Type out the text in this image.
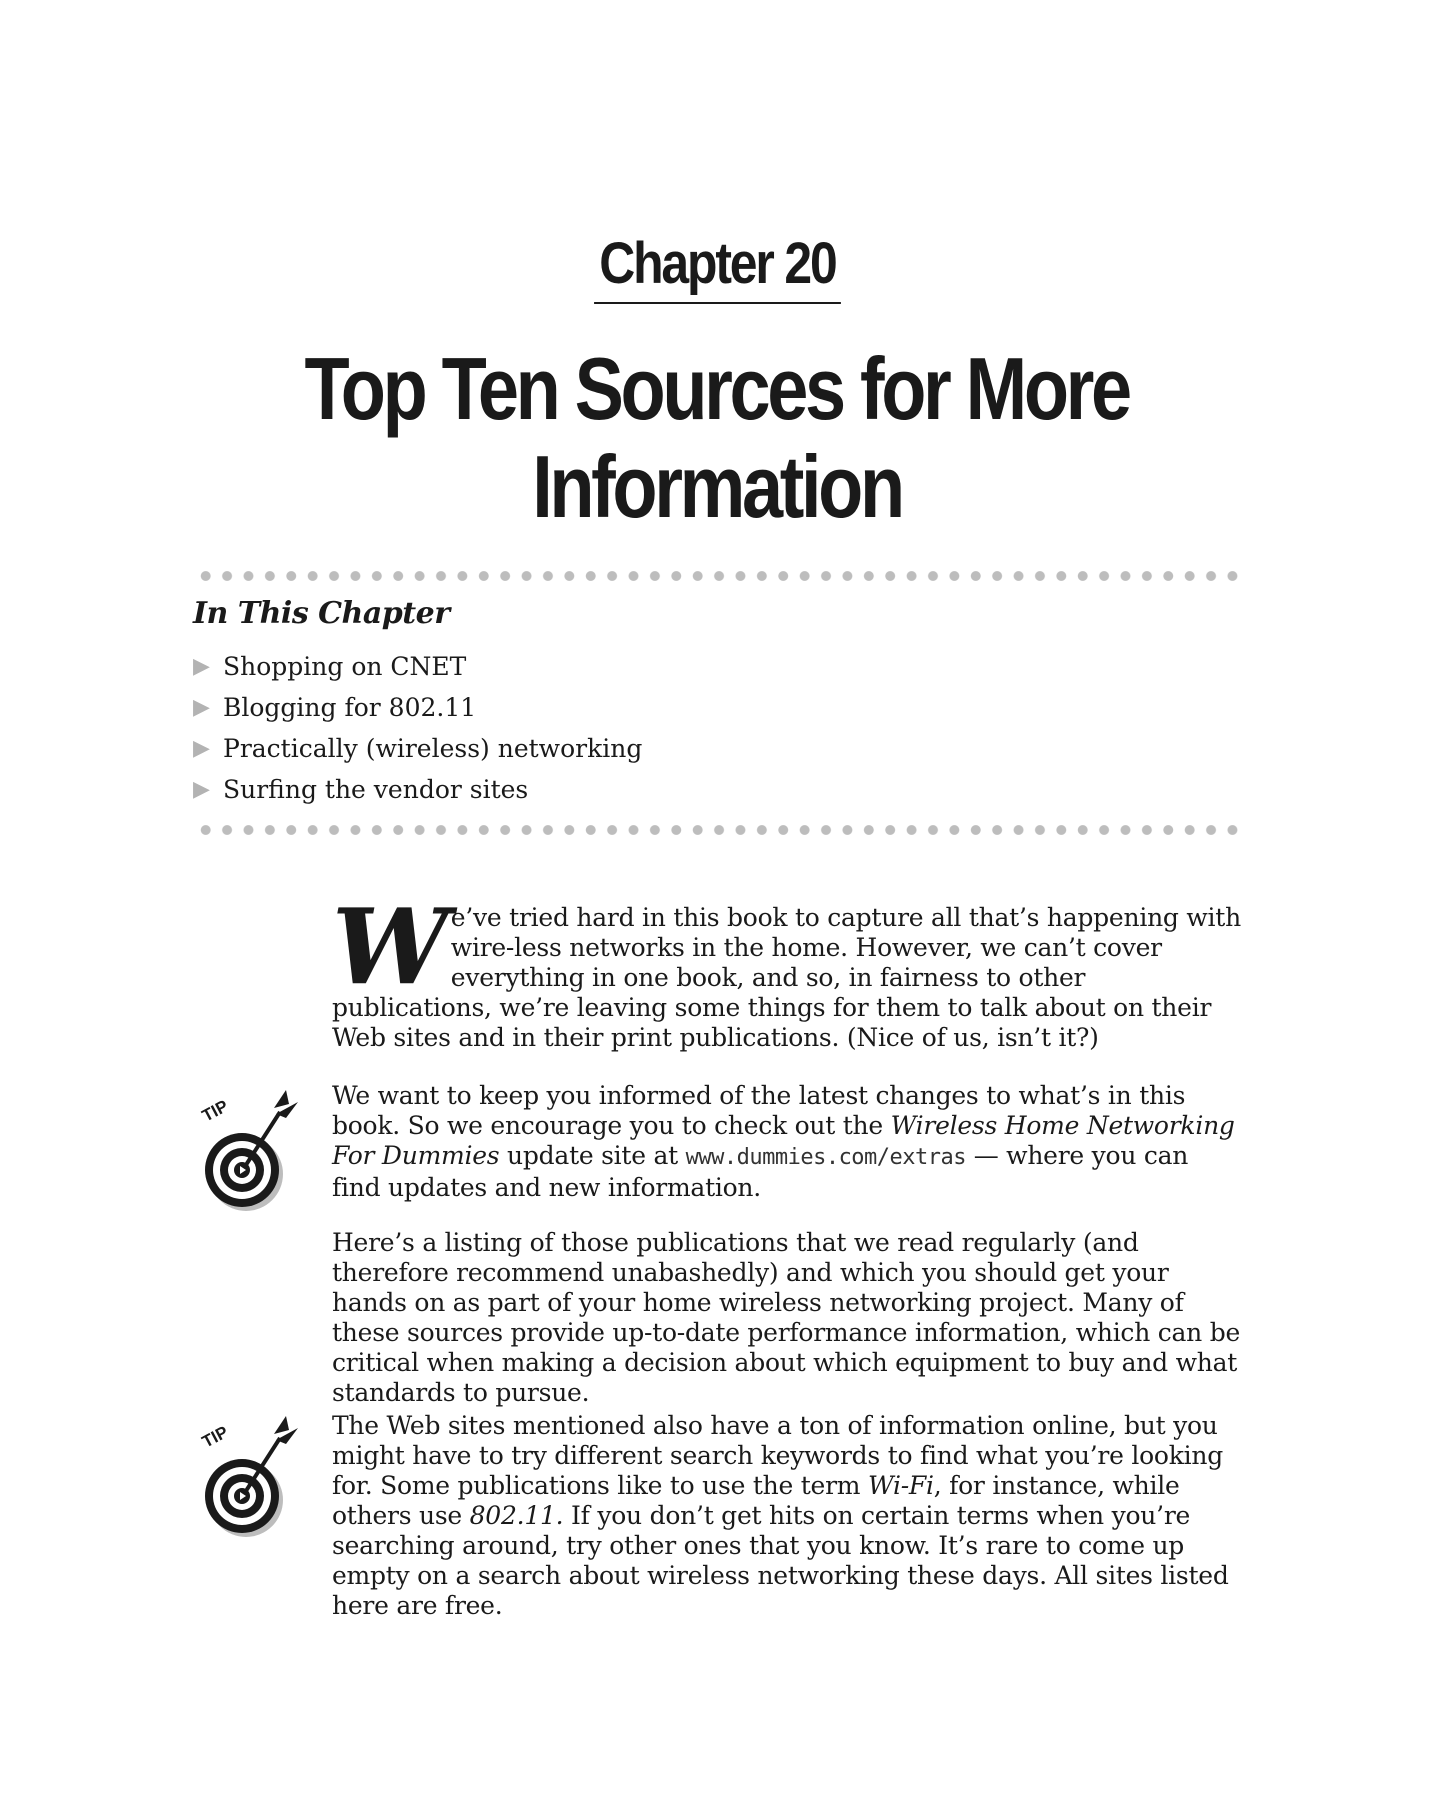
Chapter 20
Top Ten Sources for More
Information
In This Chapter
▶ Shopping on CNET
▶ Blogging for 802.11
▶ Practically (wireless) networking
▶ Surfing the vendor sites

We’ve tried hard in this book to capture all that’s happening with wire-less networks in the home. However, we can’t cover everything in one book, and so, in fairness to other publications, we’re leaving some things for them to talk about on their Web sites and in their print publications. (Nice of us, isn’t it?)

TIP

We want to keep you informed of the latest changes to what’s in this book. So we encourage you to check out the Wireless Home Networking For Dummies update site at www.dummies.com/extras — where you can find updates and new information.

Here’s a listing of those publications that we read regularly (and therefore recommend unabashedly) and which you should get your hands on as part of your home wireless networking project. Many of these sources provide up-to-date performance information, which can be critical when making a decision about which equipment to buy and what standards to pursue.

TIP	The Web sites mentioned also have a ton of information online, but you might have to try different search keywords to find what you’re looking for. Some publications like to use the term Wi-Fi, for instance, while others use 802.11. If you don’t get hits on certain terms when you’re searching around, try other ones that you know. It’s rare to come up empty on a search about wireless networking these days. All sites listed here are free.
